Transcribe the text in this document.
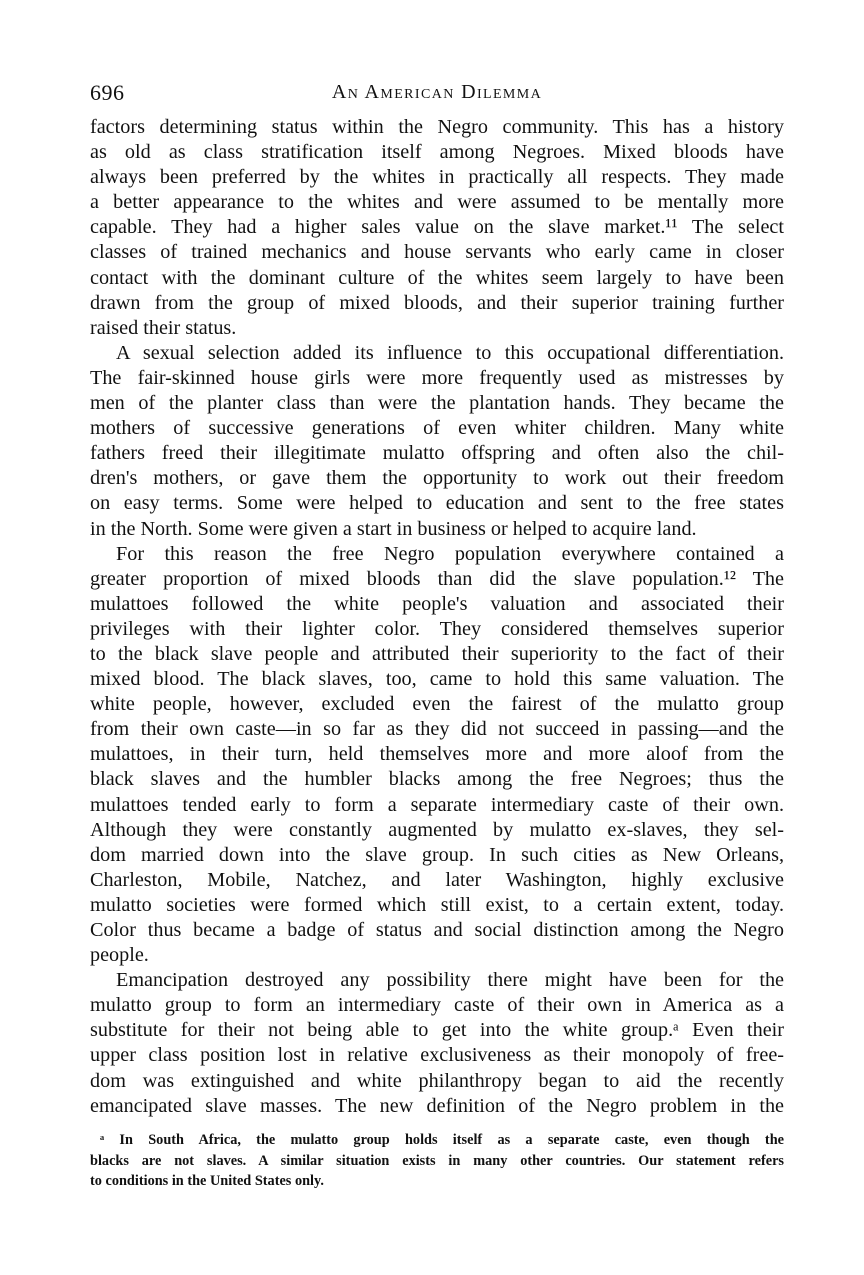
696	An American Dilemma
factors determining status within the Negro community. This has a history
as old as class stratification itself among Negroes. Mixed bloods have
always been preferred by the whites in practically all respects. They made
a better appearance to the whites and were assumed to be mentally more
capable. They had a higher sales value on the slave market.¹¹ The select
classes of trained mechanics and house servants who early came in closer
contact with the dominant culture of the whites seem largely to have been
drawn from the group of mixed bloods, and their superior training further
raised their status.
A sexual selection added its influence to this occupational differentiation.
The fair-skinned house girls were more frequently used as mistresses by
men of the planter class than were the plantation hands. They became the
mothers of successive generations of even whiter children. Many white
fathers freed their illegitimate mulatto offspring and often also the chil-
dren's mothers, or gave them the opportunity to work out their freedom
on easy terms. Some were helped to education and sent to the free states
in the North. Some were given a start in business or helped to acquire land.
For this reason the free Negro population everywhere contained a
greater proportion of mixed bloods than did the slave population.¹² The
mulattoes followed the white people's valuation and associated their
privileges with their lighter color. They considered themselves superior
to the black slave people and attributed their superiority to the fact of their
mixed blood. The black slaves, too, came to hold this same valuation. The
white people, however, excluded even the fairest of the mulatto group
from their own caste—in so far as they did not succeed in passing—and the
mulattoes, in their turn, held themselves more and more aloof from the
black slaves and the humbler blacks among the free Negroes; thus the
mulattoes tended early to form a separate intermediary caste of their own.
Although they were constantly augmented by mulatto ex-slaves, they sel-
dom married down into the slave group. In such cities as New Orleans,
Charleston, Mobile, Natchez, and later Washington, highly exclusive
mulatto societies were formed which still exist, to a certain extent, today.
Color thus became a badge of status and social distinction among the Negro
people.
Emancipation destroyed any possibility there might have been for the
mulatto group to form an intermediary caste of their own in America as a
substitute for their not being able to get into the white group.ᵃ Even their
upper class position lost in relative exclusiveness as their monopoly of free-
dom was extinguished and white philanthropy began to aid the recently
emancipated slave masses. The new definition of the Negro problem in the
ᵃ In South Africa, the mulatto group holds itself as a separate caste, even though the
blacks are not slaves. A similar situation exists in many other countries. Our statement refers
to conditions in the United States only.
